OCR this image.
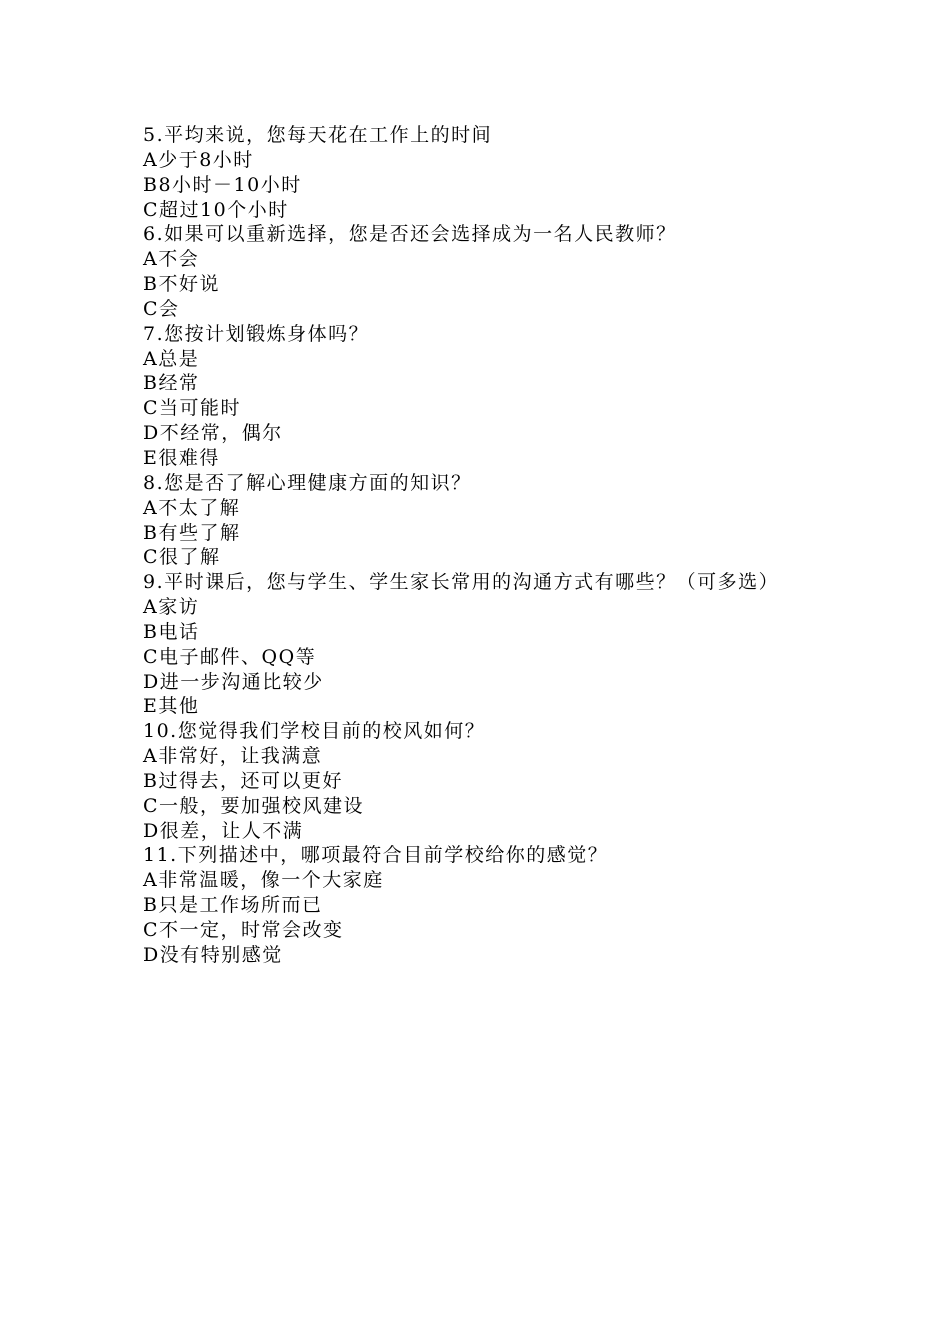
5.平均来说，您每天花在工作上的时间
A少于8小时
B8小时－10小时
C超过10个小时
6.如果可以重新选择，您是否还会选择成为一名人民教师？
A不会
B不好说
C会
7.您按计划锻炼身体吗？
A总是
B经常
C当可能时
D不经常，偶尔
E很难得
8.您是否了解心理健康方面的知识？
A不太了解
B有些了解
C很了解
9.平时课后，您与学生、学生家长常用的沟通方式有哪些？（可多选）
A家访
B电话
C电子邮件、QQ等
D进一步沟通比较少
E其他
10.您觉得我们学校目前的校风如何？
A非常好，让我满意
B过得去，还可以更好
C一般，要加强校风建设
D很差，让人不满
11.下列描述中，哪项最符合目前学校给你的感觉？
A非常温暖，像一个大家庭
B只是工作场所而已
C不一定，时常会改变
D没有特别感觉
